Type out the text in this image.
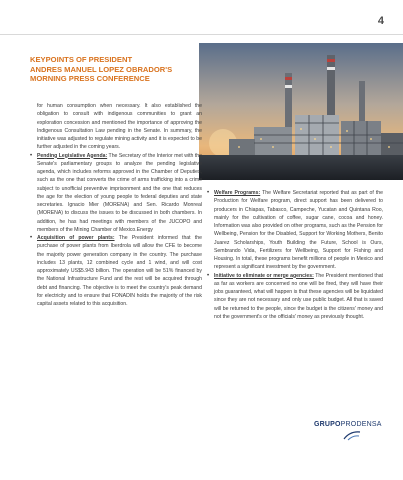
4
KEYPOINTS OF PRESIDENT
ANDRES MANUEL LOPEZ OBRADOR'S
MORNING PRESS CONFERENCE

for human consumption when necessary. It also established the obligation to consult with indigenous communities to grant an exploration concession and mentioned the importance of approving the Indigenous Consultation Law pending in the Senate. In summary, the initiative was adjusted to regulate mining activity and it is expected to be further adjusted in the coming years.

• Pending Legislative Agenda: The Secretary of the Interior met with the Senate's parliamentary groups to analyze the pending legislative agenda, which includes reforms approved in the Chamber of Deputies, such as the one that converts the crime of arms trafficking into a crime subject to unofficial preventive imprisonment and the one that reduces the age for the election of young people to federal deputies and state secretaries. Ignacio Mier (MORENA) and Sen. Ricardo Monreal (MORENA) to discuss the issues to be discussed in both chambers. In addition, he has had meetings with members of the JUCOPO and members of the Mining Chamber of Mexico.Energy
• Acquisition of power plants: The President informed that the purchase of power plants from Iberdrola will allow the CFE to become the majority power generation company in the country. The purchase includes 13 plants, 12 combined cycle and 1 wind, and will cost approximately US$5.943 billion. The operation will be 51% financed by the National Infrastructure Fund and the rest will be acquired through debt and financing. The objective is to meet the country's peak demand for electricity and to ensure that FONADIN holds the majority of the risk capital assets related to this acquisition.
• Welfare Programs: The Welfare Secretariat reported that as part of the Production for Welfare program, direct support has been delivered to producers in Chiapas, Tabasco, Campeche, Yucatan and Quintana Roo, mainly for the cultivation of coffee, sugar cane, cocoa and honey. Information was also provided on other programs, such as the Pension for Wellbeing, Pension for the Disabled, Support for Working Mothers, Benito Juarez Scholarships, Youth Building the Future, School is Ours, Sembrando Vida, Fertilizers for Wellbeing, Support for Fishing and Housing. In total, these programs benefit millions of people in Mexico and represent a significant investment by the government.
• Initiative to eliminate or merge agencies: The President mentioned that as far as workers are concerned no one will be fired, they will have their jobs guaranteed, what will happen is that these agencies will be liquidated since they are not necessary and only use public budget. All that is saved will be returned to the people, since the budget is the citizens' money and not the government's or the officials' money as previously thought.
GRUPOPRODENSA
